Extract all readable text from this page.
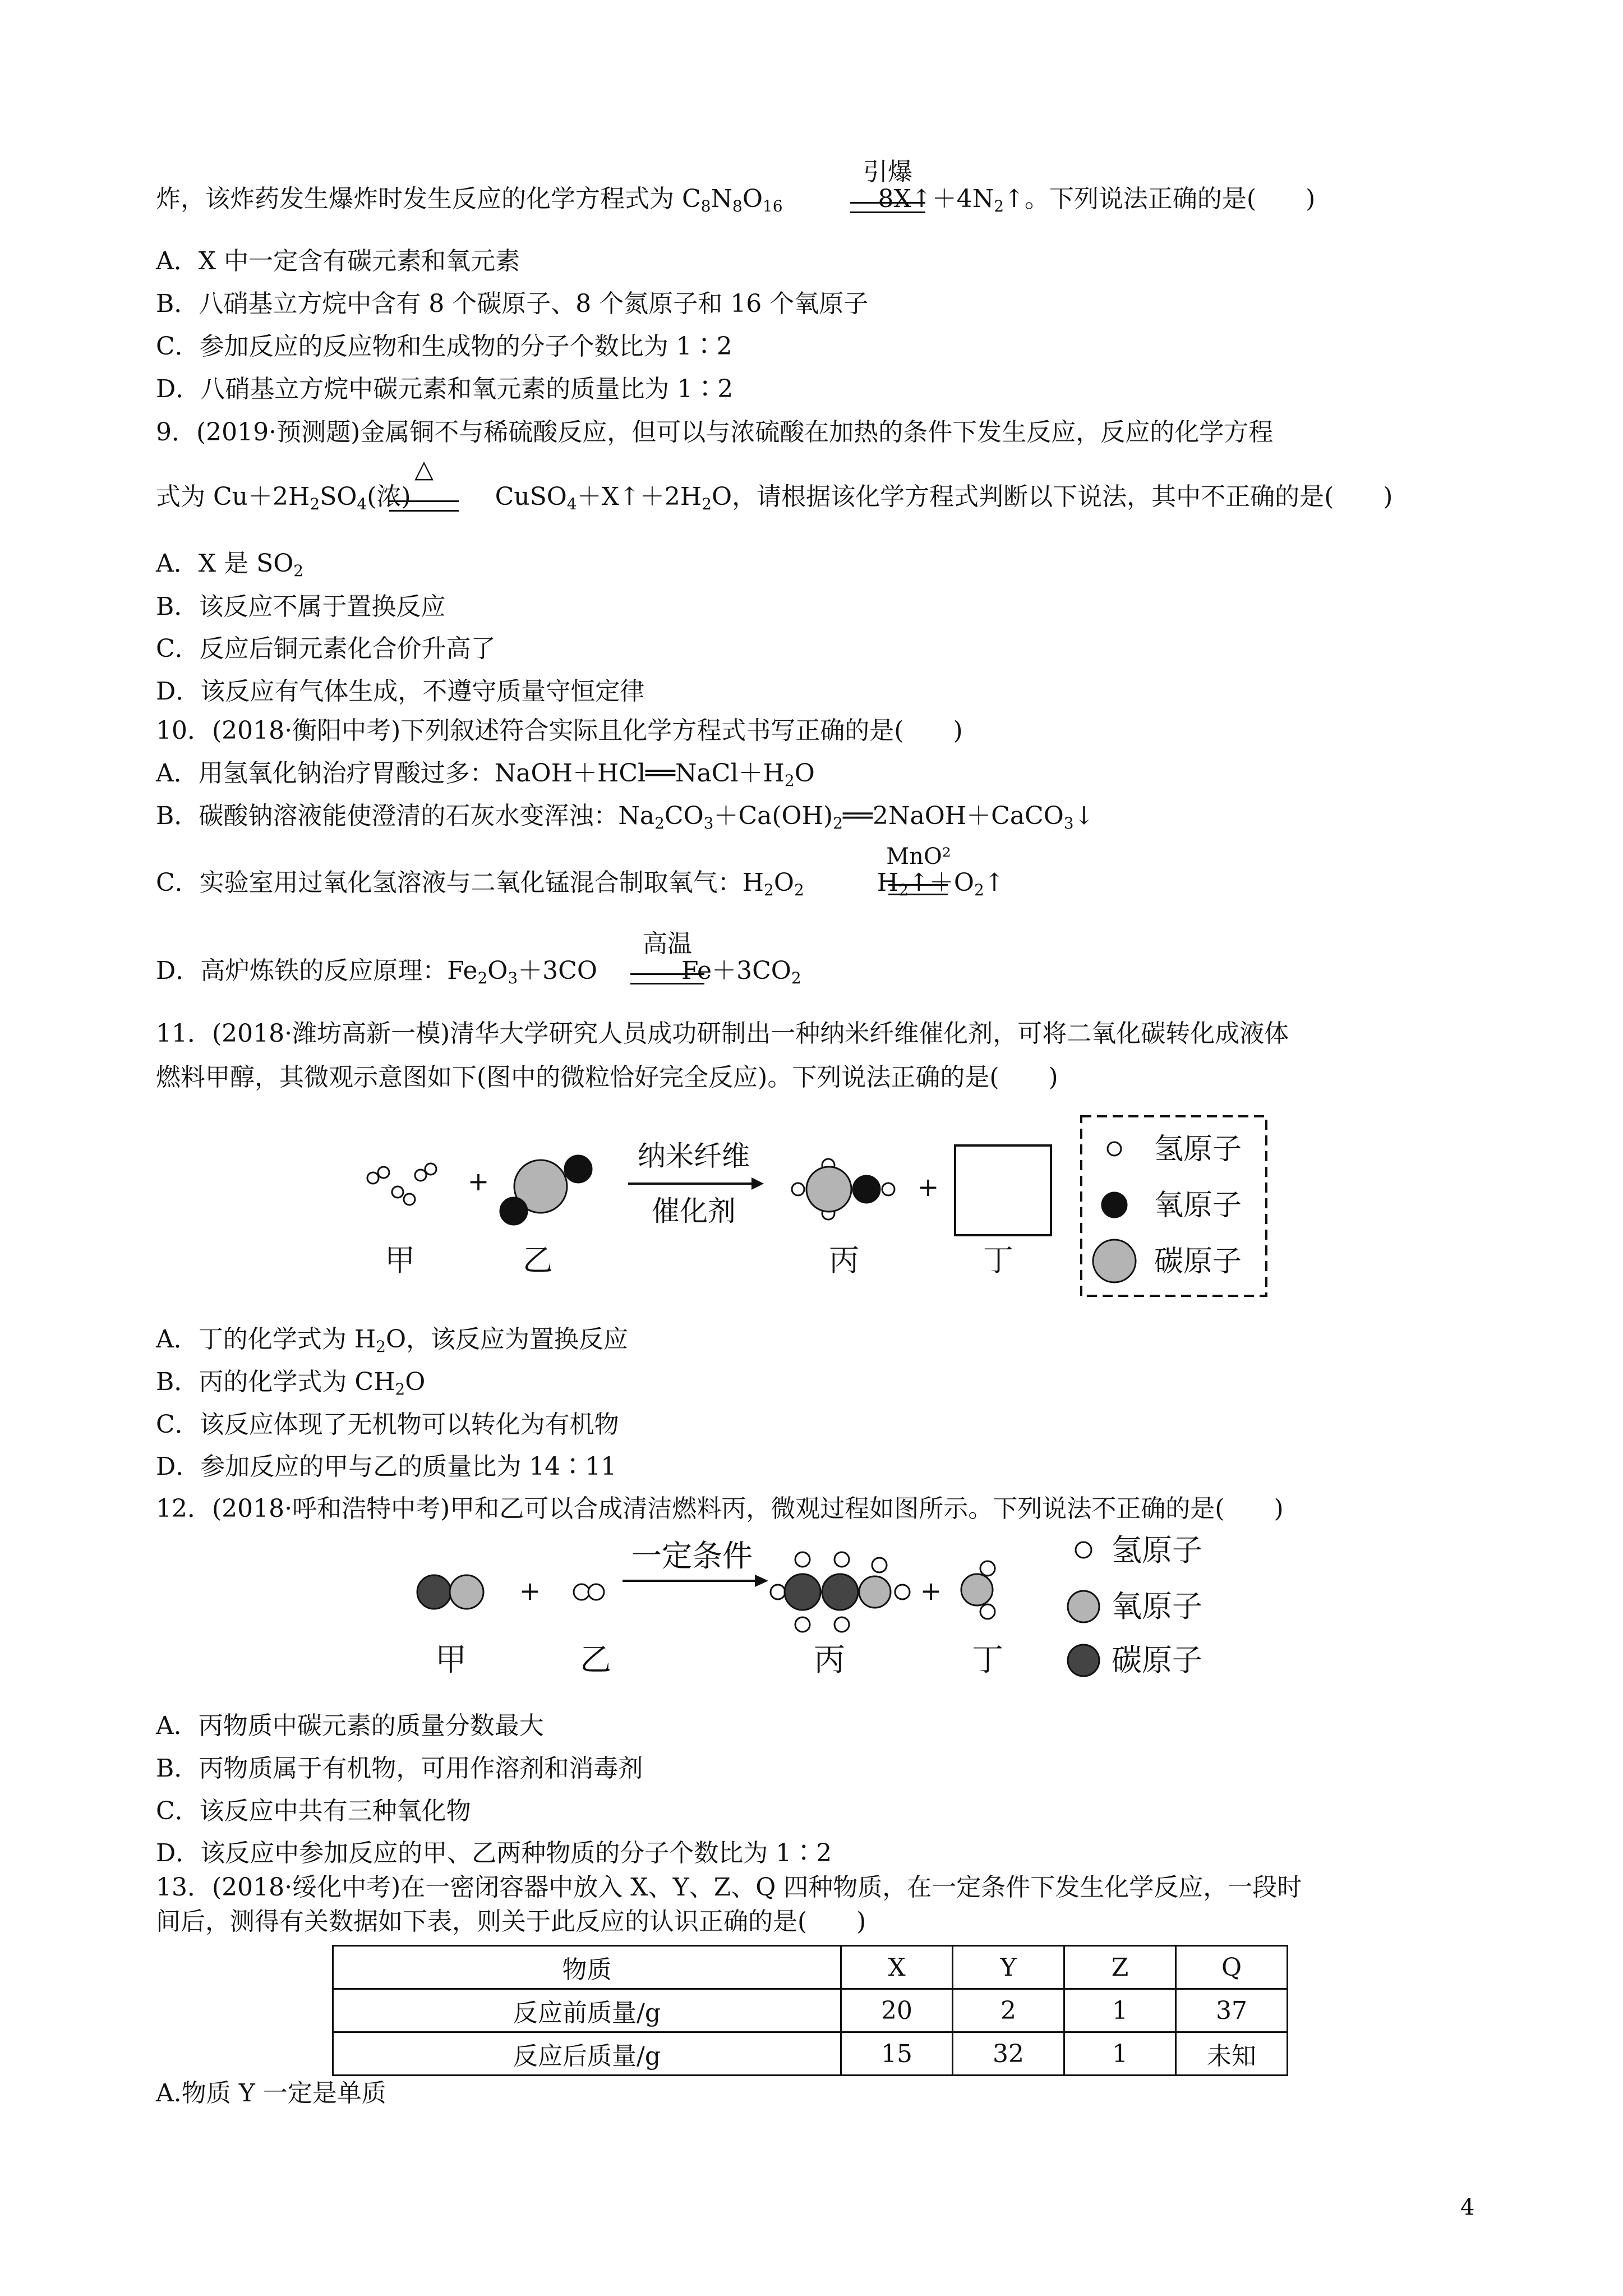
炸，该炸药发生爆炸时发生反应的化学方程式为 $C_8N_8O_{16}$	$8X↑+4N_2↑$。下列说法正确的是(　　)
引爆
A．X 中一定含有碳元素和氧元素
B．八硝基立方烷中含有 8 个碳原子、8 个氮原子和 16 个氧原子
C．参加反应的反应物和生成物的分子个数比为 1∶2
D．八硝基立方烷中碳元素和氧元素的质量比为 1∶2
9．(2019·预测题)金属铜不与稀硫酸反应，但可以与浓硫酸在加热的条件下发生反应，反应的化学方程
式为 $Cu+2H_2SO_4$(浓)	$CuSO_4+X↑+2H_2O$，请根据该化学方程式判断以下说法，其中不正确的是(　　)
△
A．X 是 $SO_2$
B．该反应不属于置换反应
C．反应后铜元素化合价升高了
D．该反应有气体生成，不遵守质量守恒定律
10．(2018·衡阳中考)下列叙述符合实际且化学方程式书写正确的是(　　)
A．用氢氧化钠治疗胃酸过多：$NaOH+HCl══NaCl+H_2O$
B．碳酸钠溶液能使澄清的石灰水变浑浊：$Na_2CO_3+Ca(OH)_2══2NaOH+CaCO_3↓$
C．实验室用过氧化氢溶液与二氧化锰混合制取氧气：$H_2O_2$	$H_2↑+O_2↑$
MnO²
D．高炉炼铁的反应原理：$Fe_2O_3+3CO$	$Fe+3CO_2$
高温
11．(2018·潍坊高新一模)清华大学研究人员成功研制出一种纳米纤维催化剂，可将二氧化碳转化成液体
燃料甲醇，其微观示意图如下(图中的微粒恰好完全反应)。下列说法正确的是(　　)
+
纳米纤维
催化剂
+
甲	乙	丙	丁
氢原子
氧原子
碳原子
A．丁的化学式为 $H_2O$，该反应为置换反应
B．丙的化学式为 $CH_2O$
C．该反应体现了无机物可以转化为有机物
D．参加反应的甲与乙的质量比为 14∶11
12．(2018·呼和浩特中考)甲和乙可以合成清洁燃料丙，微观过程如图所示。下列说法不正确的是(　　)
+
一定条件
+
甲	乙	丙	丁
氢原子
氧原子
碳原子
A．丙物质中碳元素的质量分数最大
B．丙物质属于有机物，可用作溶剂和消毒剂
C．该反应中共有三种氧化物
D．该反应中参加反应的甲、乙两种物质的分子个数比为 1∶2
13．(2018·绥化中考)在一密闭容器中放入 X、Y、Z、Q 四种物质，在一定条件下发生化学反应，一段时
间后，测得有关数据如下表，则关于此反应的认识正确的是(　　)
物质	X	Y	Z	Q
反应前质量/g	20	2	1	37
反应后质量/g	15	32	1	未知
A.物质 Y 一定是单质
4
